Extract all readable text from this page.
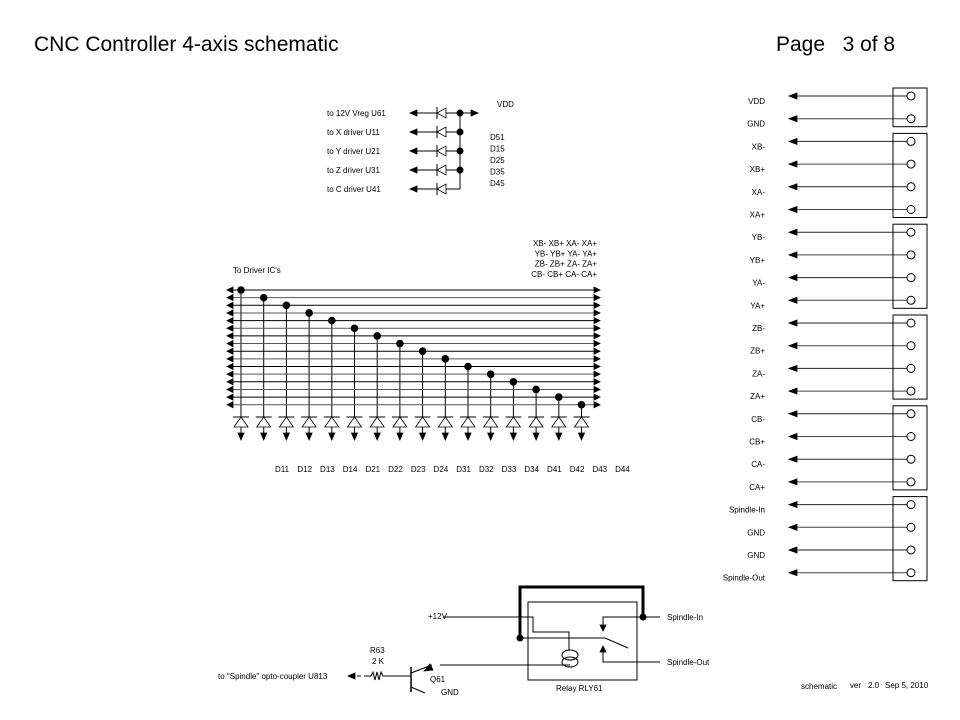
CNC Controller 4-axis schematic	Page 3 of 8
VDD
to 12V Vreg U61
D51
to X driver U11
D15
to Y driver U21
D25
to Z driver U31	D35
to C driver U41
D45
To Driver IC's
XB- XB+ XA- XA+
YB- YB+ YA- YA+
ZB- ZB+ ZA- ZA+
CB- CB+ CA- CA+
D11 D12 D13 D14 D21 D22 D23 D24 D31 D32 D33 D34 D41 D42 D43 D44
VDD
GND
XB-
XB+
XA-
XA+
YB-
YB+
YA-
YA+
ZB-
ZB+
ZA-
ZA+
CB-
CB+
CA-
CA+
Spindle-In
GND
GND
Spindle-Out
+12V	Spindle-In
Spindle-Out
Relay RLY61
Q61
GND
R63
2 K
to "Spindle" opto-coupler U813
schematic ver 2.0 Sep 5, 2010
